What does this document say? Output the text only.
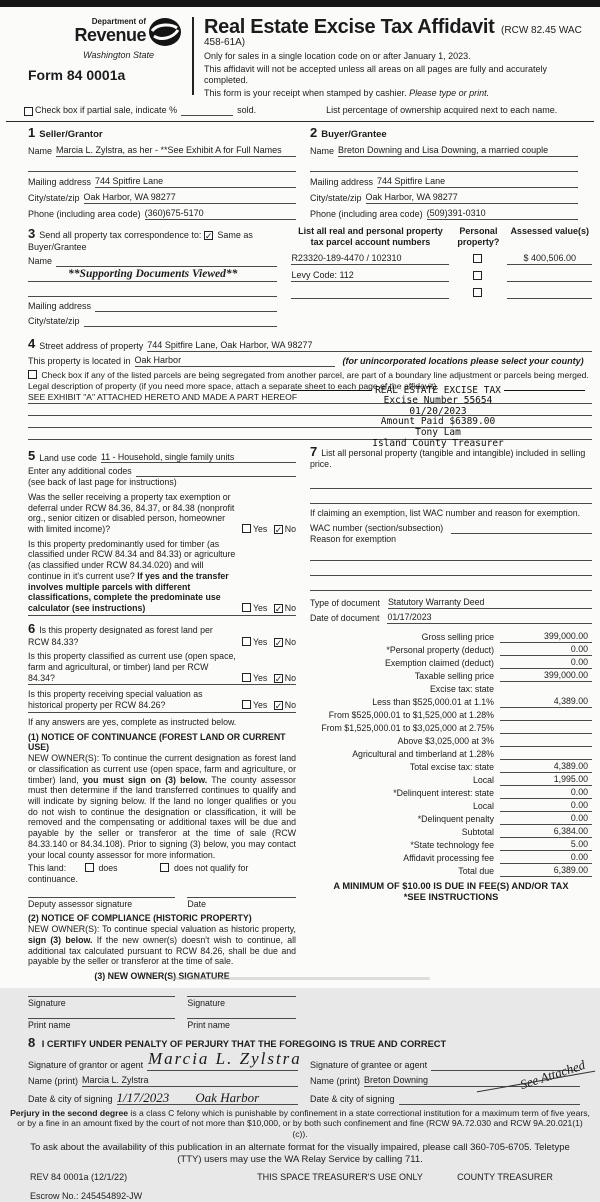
Department of
Revenue
Washington State
Form 84 0001a
Real Estate Excise Tax Affidavit (RCW 82.45 WAC 458-61A)
Only for sales in a single location code on or after January 1, 2023.
This affidavit will not be accepted unless all areas on all pages are fully and accurately completed.
This form is your receipt when stamped by cashier. Please type or print.
Check box if partial sale, indicate %	sold.	List percentage of ownership acquired next to each name.
1 Seller/Grantor
Name Marcia L. Zylstra, as her - **See Exhibit A for Full Names
Mailing address 744 Spitfire Lane
City/state/zip Oak Harbor, WA 98277
Phone (including area code) (360)675-5170
2 Buyer/Grantee
Name Breton Downing and Lisa Downing, a married couple
Mailing address 744 Spitfire Lane
City/state/zip Oak Harbor, WA 98277
Phone (including area code) (509)391-0310
3 Send all property tax correspondence to: ✓ Same as Buyer/Grantee
Name
**Supporting Documents Viewed**
Mailing address
City/state/zip
List all real and personal property tax parcel account numbers
Personal property?
Assessed value(s)
R23320-189-4470 / 102310	$ 400,506.00
Levy Code: 112
4 Street address of property 744 Spitfire Lane, Oak Harbor, WA 98277
This property is located in Oak Harbor	(for unincorporated locations please select your county)
Check box if any of the listed parcels are being segregated from another parcel, are part of a boundary line adjustment or parcels being merged.
Legal description of property (if you need more space, attach a separate sheet to each page of the affidavit).
SEE EXHIBIT "A" ATTACHED HERETO AND MADE A PART HEREOF
REAL ESTATE EXCISE TAX
Excise Number 55654
01/20/2023
Amount Paid $6389.00
Tony Lam
Island County Treasurer
5 Land use code 11 - Household, single family units
Enter any additional codes
(see back of last page for instructions)
Was the seller receiving a property tax exemption or deferral under RCW 84.36, 84.37, or 84.38 (nonprofit org., senior citizen or disabled person, homeowner with limited income)?	Yes ✓ No
Is this property predominantly used for timber (as classified under RCW 84.34 and 84.33) or agriculture (as classified under RCW 84.34.020) and will continue in it's current use? If yes and the transfer involves multiple parcels with different classifications, complete the predominate use calculator (see instructions)	Yes ✓ No
6 Is this property designated as forest land per RCW 84.33?	Yes ✓ No
Is this property classified as current use (open space, farm and agricultural, or timber) land per RCW 84.34?	Yes ✓ No
Is this property receiving special valuation as historical property per RCW 84.26?	Yes ✓ No
If any answers are yes, complete as instructed below.
(1) NOTICE OF CONTINUANCE (FOREST LAND OR CURRENT USE)
NEW OWNER(S): To continue the current designation as forest land or classification as current use (open space, farm and agriculture, or timber) land, you must sign on (3) below. The county assessor must then determine if the land transferred continues to qualify and will indicate by signing below. If the land no longer qualifies or you do not wish to continue the designation or classification, it will be removed and the compensating or additional taxes will be due and payable by the seller or transferor at the time of sale (RCW 84.33.140 or 84.34.108). Prior to signing (3) below, you may contact your local county assessor for more information.
This land:	does	does not qualify for
continuance.
Deputy assessor signature	Date
(2) NOTICE OF COMPLIANCE (HISTORIC PROPERTY)
NEW OWNER(S): To continue special valuation as historic property, sign (3) below. If the new owner(s) doesn't wish to continue, all additional tax calculated pursuant to RCW 84.26, shall be due and payable by the seller or transferor at the time of sale.
(3) NEW OWNER(S) SIGNATURE
Signature	Signature
Print name	Print name
7 List all personal property (tangible and intangible) included in selling price.
If claiming an exemption, list WAC number and reason for exemption.
WAC number (section/subsection)
Reason for exemption
Type of document Statutory Warranty Deed
Date of document 01/17/2023
Gross selling price	399,000.00
*Personal property (deduct)	0.00
Exemption claimed (deduct)	0.00
Taxable selling price	399,000.00
Excise tax: state
Less than $525,000.01 at 1.1%	4,389.00
From $525,000.01 to $1,525,000 at 1.28%
From $1,525,000.01 to $3,025,000 at 2.75%
Above $3,025,000 at 3%
Agricultural and timberland at 1.28%
Total excise tax: state	4,389.00
Local	1,995.00
*Delinquent interest: state	0.00
Local	0.00
*Delinquent penalty	0.00
Subtotal	6,384.00
*State technology fee	5.00
Affidavit processing fee	0.00
Total due	6,389.00
A MINIMUM OF $10.00 IS DUE IN FEE(S) AND/OR TAX
*SEE INSTRUCTIONS
8 I CERTIFY UNDER PENALTY OF PERJURY THAT THE FOREGOING IS TRUE AND CORRECT
Signature of grantor or agent Marcia L. Zylstra
Name (print) Marcia L. Zylstra
Date & city of signing 1/17/2023 Oak Harbor
Signature of grantee or agent
Name (print) Breton Downing
Date & city of signing
See Attached
Perjury in the second degree is a class C felony which is punishable by confinement in a state correctional institution for a maximum term of five years, or by a fine in an amount fixed by the court of not more than $10,000, or by both such confinement and fine (RCW 9A.72.030 and RCW 9A.20.021(1)(c)).
To ask about the availability of this publication in an alternate format for the visually impaired, please call 360-705-6705. Teletype (TTY) users may use the WA Relay Service by calling 711.
REV 84 0001a (12/1/22)	THIS SPACE TREASURER'S USE ONLY	COUNTY TREASURER
Escrow No.: 245454892-JW
